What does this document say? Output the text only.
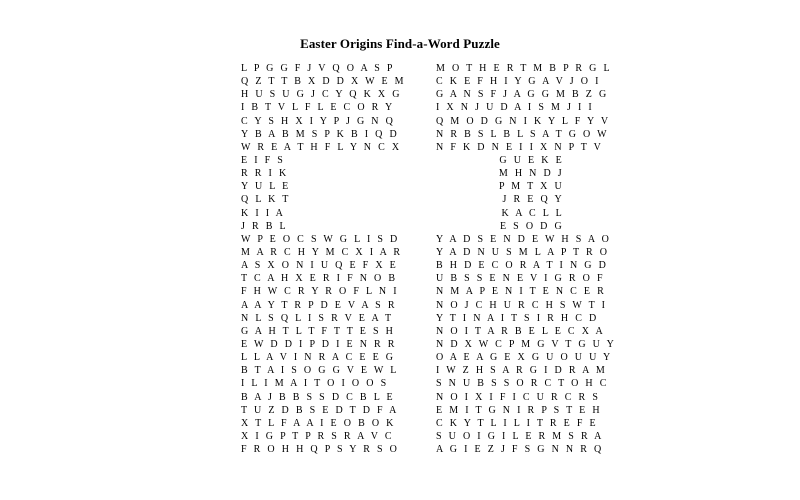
Easter Origins Find-a-Word Puzzle
L P G G F J V Q O A S P
Q Z T T B X D D X W E M
H U S U G J C Y Q K X G
I B T V L F L E C O R Y
C Y S H X I Y P J G N Q
Y B A B M S P K B I Q D
W R E A T H F L Y N C X
E I F S
R R I K
Y U L E
Q L K T
K I I A
J R B L
W P E O C S W G L I S D
M A R C H Y M C X I A R
A S X O N I U Q E F X E
T C A H X E R I F N O B
F H W C R Y R O F L N I
A A Y T R P D E V A S R
N L S Q L I S R V E A T
G A H T L T F T T E S H
E W D D I P D I E N R R
L L A V I N R A C E E G
B T A I S O G G V E W L
I L I M A I T O I O O S
B A J B B S S D C B L E
T U Z D B S E D T D F A
X T L F A A I E O B O K
X I G P T P R S R A V C
F R O H H Q P S Y R S O
M O T H E R T M B P R G L
C K E F H I Y G A V J O I
G A N S F J A G G M B Z G
I X N J U D A I S M J I I
Q M O D G N I K Y L F Y V
N R B S L B L S A T G O W
N F K D N E I I X N P T V
G U E K E
M H N D J
P M T X U
J R E Q Y
K A C L L
E S O D G
Y A D S E N D E W H S A O
Y A D N U S M L A P T R O
B H D E C O R A T I N G D
U B S S E N E V I G R O F
N M A P E N I T E N C E R
N O J C H U R C H S W T I
Y T I N A I T S I R H C D
N O I T A R B E L E C X A
N D X W C P M G V T G U Y
O A E A G E X G U O U U Y
I W Z H S A R G I D R A M
S N U B S S O R C T O H C
N O I X I F I C U R C R S
E M I T G N I R P S T E H
C K Y T L I L I T R E F E
S U O I G I L E R M S R A
A G I E Z J F S G N N R Q
